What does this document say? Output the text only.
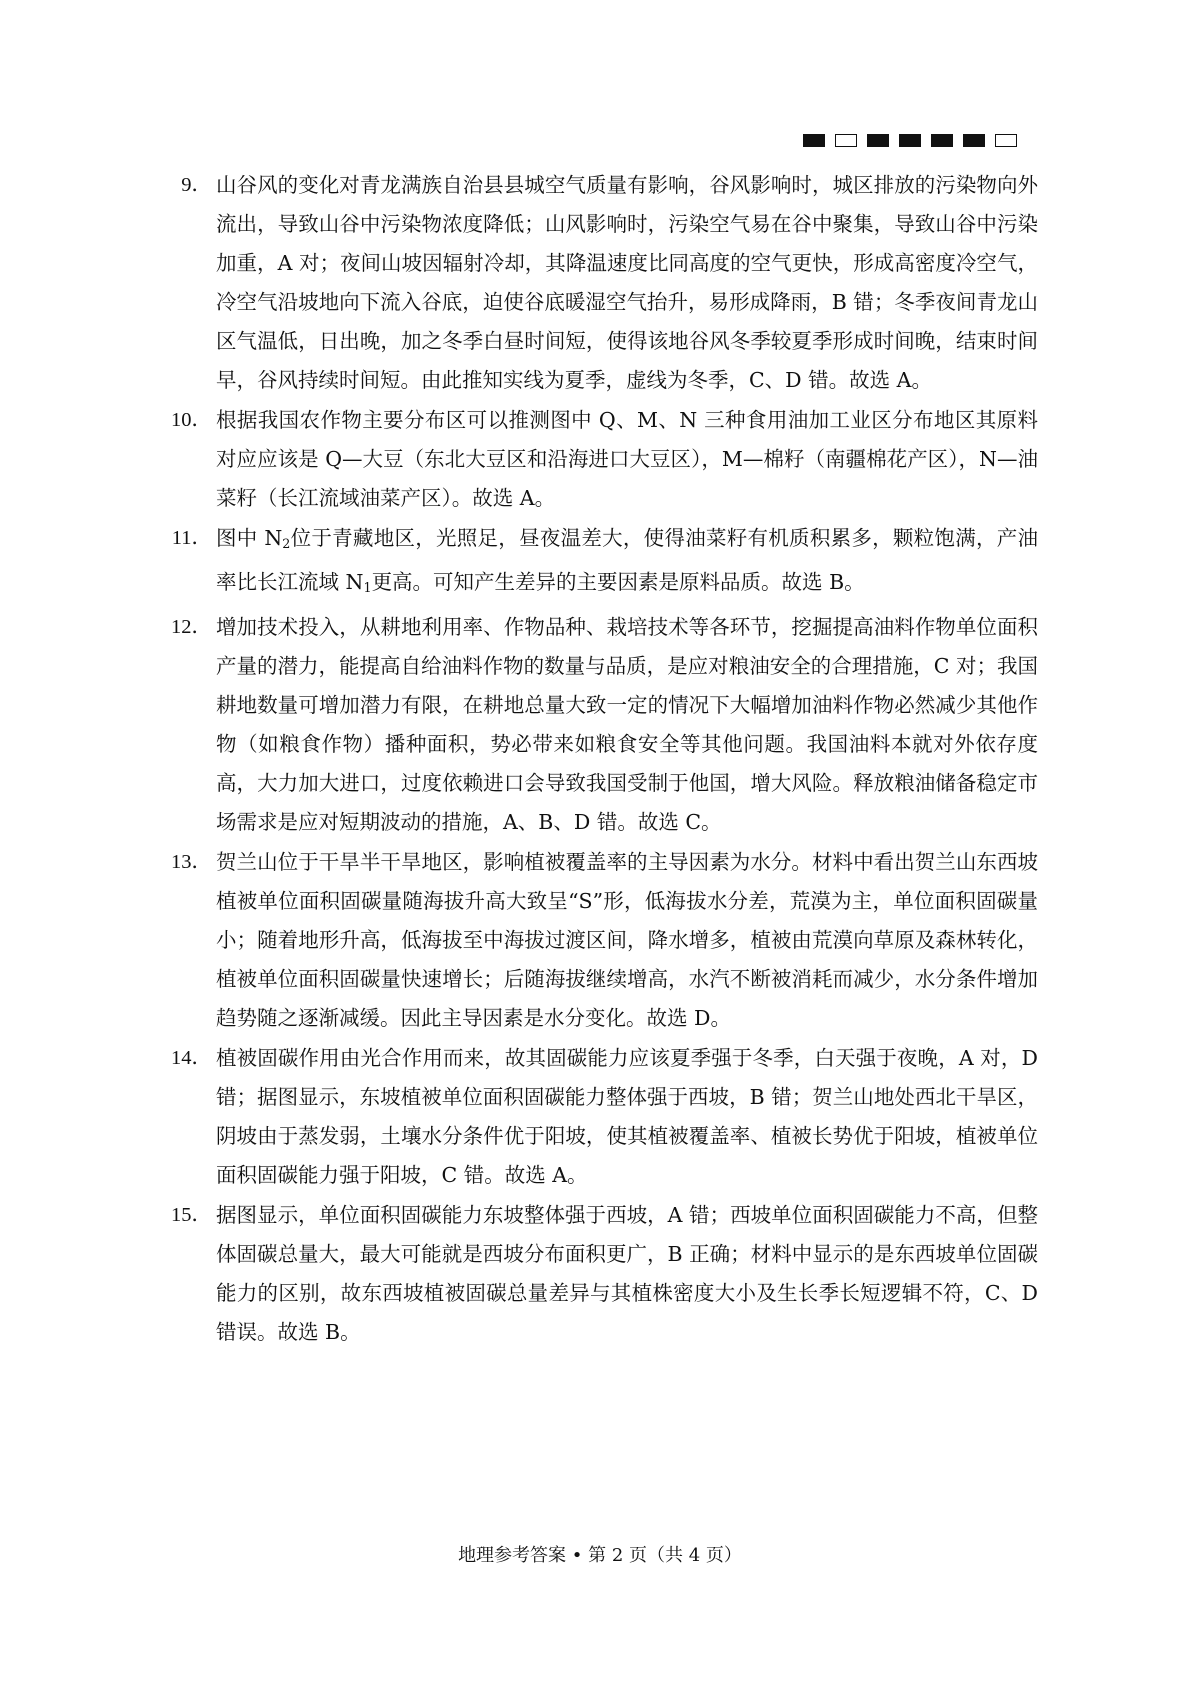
9． 山谷风的变化对青龙满族自治县县城空气质量有影响，谷风影响时，城区排放的污染物向外流出，导致山谷中污染物浓度降低；山风影响时，污染空气易在谷中聚集，导致山谷中污染加重，A 对；夜间山坡因辐射冷却，其降温速度比同高度的空气更快，形成高密度冷空气，冷空气沿坡地向下流入谷底，迫使谷底暖湿空气抬升，易形成降雨，B 错；冬季夜间青龙山区气温低，日出晚，加之冬季白昼时间短，使得该地谷风冬季较夏季形成时间晚，结束时间早，谷风持续时间短。由此推知实线为夏季，虚线为冬季，C、D 错。故选 A。
10． 根据我国农作物主要分布区可以推测图中 Q、M、N 三种食用油加工业区分布地区其原料对应应该是 Q—大豆（东北大豆区和沿海进口大豆区），M—棉籽（南疆棉花产区），N—油菜籽（长江流域油菜产区）。故选 A。
11． 图中 $N_2$位于青藏地区，光照足，昼夜温差大，使得油菜籽有机质积累多，颗粒饱满，产油率比长江流域 $N_1$更高。可知产生差异的主要因素是原料品质。故选 B。
12． 增加技术投入，从耕地利用率、作物品种、栽培技术等各环节，挖掘提高油料作物单位面积产量的潜力，能提高自给油料作物的数量与品质，是应对粮油安全的合理措施，C 对；我国耕地数量可增加潜力有限，在耕地总量大致一定的情况下大幅增加油料作物必然减少其他作物（如粮食作物）播种面积，势必带来如粮食安全等其他问题。我国油料本就对外依存度高，大力加大进口，过度依赖进口会导致我国受制于他国，增大风险。释放粮油储备稳定市场需求是应对短期波动的措施，A、B、D 错。故选 C。
13． 贺兰山位于干旱半干旱地区，影响植被覆盖率的主导因素为水分。材料中看出贺兰山东西坡植被单位面积固碳量随海拔升高大致呈“S”形，低海拔水分差，荒漠为主，单位面积固碳量小；随着地形升高，低海拔至中海拔过渡区间，降水增多，植被由荒漠向草原及森林转化，植被单位面积固碳量快速增长；后随海拔继续增高，水汽不断被消耗而减少，水分条件增加趋势随之逐渐减缓。因此主导因素是水分变化。故选 D。
14． 植被固碳作用由光合作用而来，故其固碳能力应该夏季强于冬季，白天强于夜晚，A 对，D 错；据图显示，东坡植被单位面积固碳能力整体强于西坡，B 错；贺兰山地处西北干旱区，阴坡由于蒸发弱，土壤水分条件优于阳坡，使其植被覆盖率、植被长势优于阳坡，植被单位面积固碳能力强于阳坡，C 错。故选 A。
15． 据图显示，单位面积固碳能力东坡整体强于西坡，A 错；西坡单位面积固碳能力不高，但整体固碳总量大，最大可能就是西坡分布面积更广，B 正确；材料中显示的是东西坡单位固碳能力的区别，故东西坡植被固碳总量差异与其植株密度大小及生长季长短逻辑不符，C、D 错误。故选 B。
地理参考答案 • 第 2 页（共 4 页）
